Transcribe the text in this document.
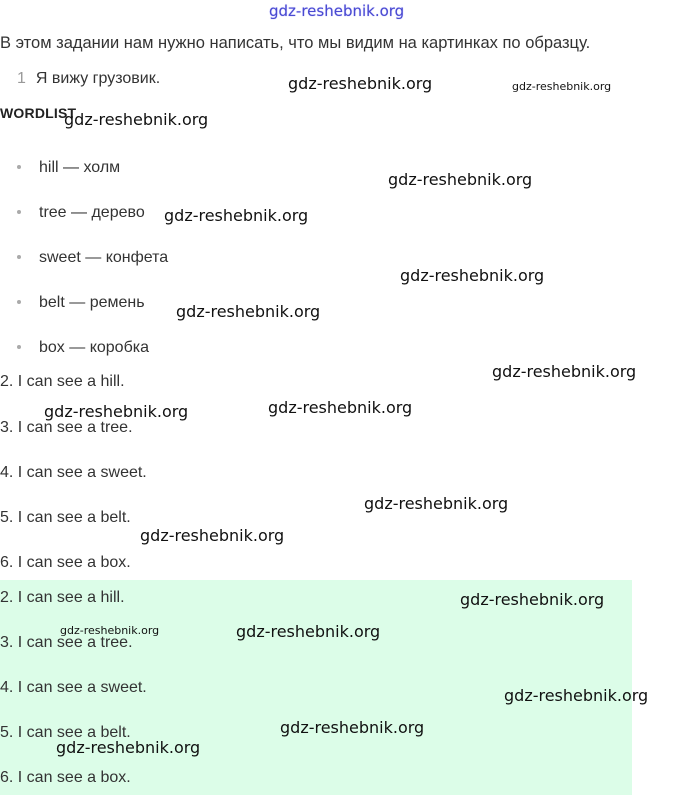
gdz-reshebnik.org
В этом задании нам нужно написать, что мы видим на картинках по образцу.
1 Я вижу грузовик.
WORDLIST
hill — холм
tree — дерево
sweet — конфета
belt — ремень
box — коробка
2. I can see a hill.
3. I can see a tree.
4. I can see a sweet.
5. I can see a belt.
6. I can see a box.
2. I can see a hill.
3. I can see a tree.
4. I can see a sweet.
5. I can see a belt.
6. I can see a box.
gdz-reshebnik.org	gdz-reshebnik.org
gdz-reshebnik.org
gdz-reshebnik.org
gdz-reshebnik.org
gdz-reshebnik.org
gdz-reshebnik.org
gdz-reshebnik.org
gdz-reshebnik.org	gdz-reshebnik.org
gdz-reshebnik.org
gdz-reshebnik.org
gdz-reshebnik.org
gdz-reshebnik.org	gdz-reshebnik.org
gdz-reshebnik.org
gdz-reshebnik.org
gdz-reshebnik.org
